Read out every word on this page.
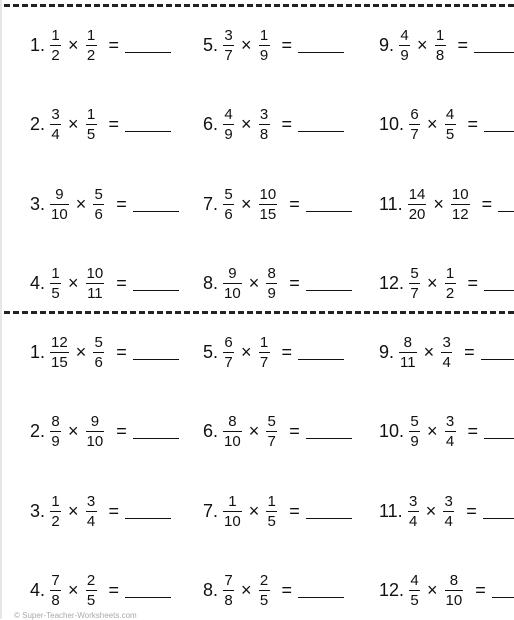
1. $\frac{1}{2} \times \frac{1}{2}$ =
2. $\frac{3}{4} \times \frac{1}{5}$ =
3. $\frac{9}{10} \times \frac{5}{6}$ =
4. $\frac{1}{5} \times \frac{10}{11}$ =
5. $\frac{3}{7} \times \frac{1}{9}$ =
6. $\frac{4}{9} \times \frac{3}{8}$ =
7. $\frac{5}{6} \times \frac{10}{15}$ =
8. $\frac{9}{10} \times \frac{8}{9}$ =
9. $\frac{4}{9} \times \frac{1}{8}$ =
10. $\frac{6}{7} \times \frac{4}{5}$ =
11. $\frac{14}{20} \times \frac{10}{12}$ =
12. $\frac{5}{7} \times \frac{1}{2}$ =
1. $\frac{12}{15} \times \frac{5}{6}$ =
2. $\frac{8}{9} \times \frac{9}{10}$ =
3. $\frac{1}{2} \times \frac{3}{4}$ =
4. $\frac{7}{8} \times \frac{2}{5}$ =
5. $\frac{6}{7} \times \frac{1}{7}$ =
6. $\frac{8}{10} \times \frac{5}{7}$ =
7. $\frac{1}{10} \times \frac{1}{5}$ =
8. $\frac{7}{8} \times \frac{2}{5}$ =
9. $\frac{8}{11} \times \frac{3}{4}$ =
10. $\frac{5}{9} \times \frac{3}{4}$ =
11. $\frac{3}{4} \times \frac{3}{4}$ =
12. $\frac{4}{5} \times \frac{8}{10}$ =
© Super-Teacher-Worksheets.com
